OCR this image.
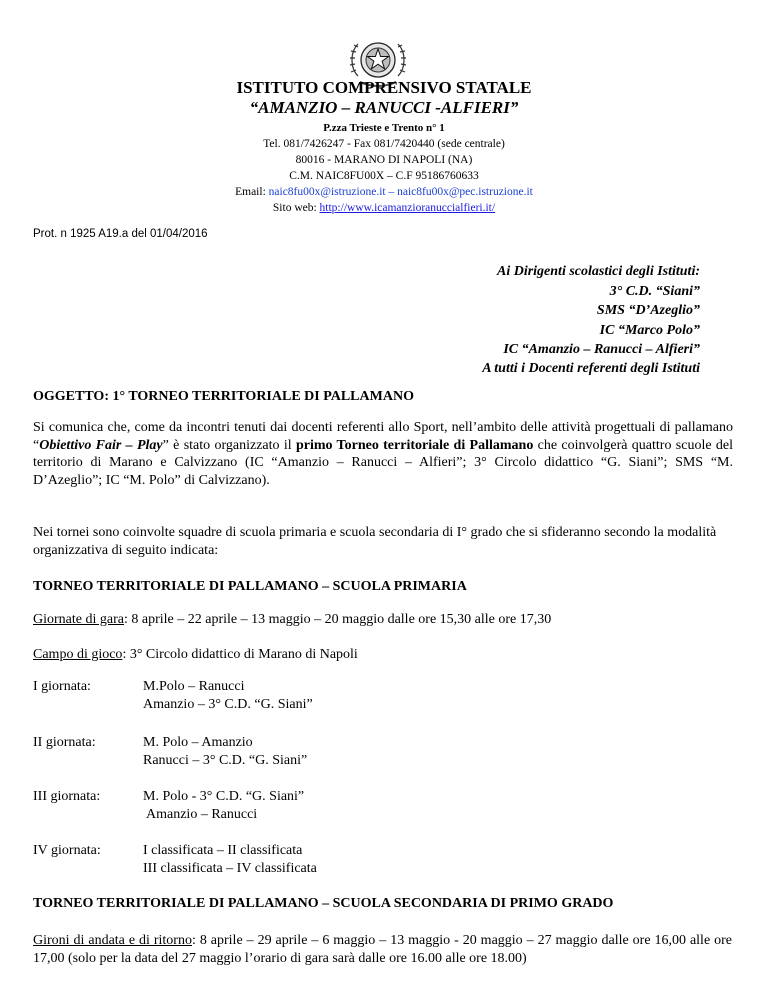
ISTITUTO COMPRENSIVO STATALE
“AMANZIO – RANUCCI -ALFIERI”
P.zza Trieste e Trento n° 1
Tel. 081/7426247 - Fax 081/7420440 (sede centrale)
80016 - MARANO DI NAPOLI (NA)
C.M. NAIC8FU00X – C.F 95186760633
Email: naic8fu00x@istruzione.it – naic8fu00x@pec.istruzione.it
Sito web: http://www.icamanzioranuccialfieri.it/
Prot. n 1925 A19.a del 01/04/2016
Ai Dirigenti scolastici degli Istituti:
3° C.D. “Siani”
SMS “D’Azeglio”
IC “Marco Polo”
IC “Amanzio – Ranucci – Alfieri”
A tutti i Docenti referenti degli Istituti
OGGETTO: 1° TORNEO TERRITORIALE DI PALLAMANO
Si comunica che, come da incontri tenuti dai docenti referenti allo Sport, nell’ambito delle attività progettuali di pallamano “Obiettivo Fair – Play” è stato organizzato il primo Torneo territoriale di Pallamano che coinvolgerà quattro scuole del territorio di Marano e Calvizzano (IC “Amanzio – Ranucci – Alfieri”; 3° Circolo didattico “G. Siani”; SMS “M. D’Azeglio”; IC “M. Polo” di Calvizzano).
Nei tornei sono coinvolte squadre di scuola primaria e scuola secondaria di I° grado che si sfideranno secondo la modalità organizzativa di seguito indicata:
TORNEO TERRITORIALE DI PALLAMANO – SCUOLA PRIMARIA
Giornate di gara: 8 aprile – 22 aprile – 13 maggio – 20 maggio dalle ore 15,30 alle ore 17,30
Campo di gioco: 3° Circolo didattico di Marano di Napoli
I giornata:	M.Polo – Ranucci
Amanzio – 3° C.D. “G. Siani”
II giornata:	M. Polo – Amanzio
Ranucci – 3° C.D. “G. Siani”
III giornata:	M. Polo - 3° C.D. “G. Siani”
Amanzio – Ranucci
IV giornata:	I classificata – II classificata
III classificata – IV classificata
TORNEO TERRITORIALE DI PALLAMANO – SCUOLA SECONDARIA DI PRIMO GRADO
Gironi di andata e di ritorno: 8 aprile – 29 aprile – 6 maggio – 13 maggio - 20 maggio – 27 maggio dalle ore 16,00 alle ore 17,00 (solo per la data del 27 maggio l’orario di gara sarà dalle ore 16.00 alle ore 18.00)
